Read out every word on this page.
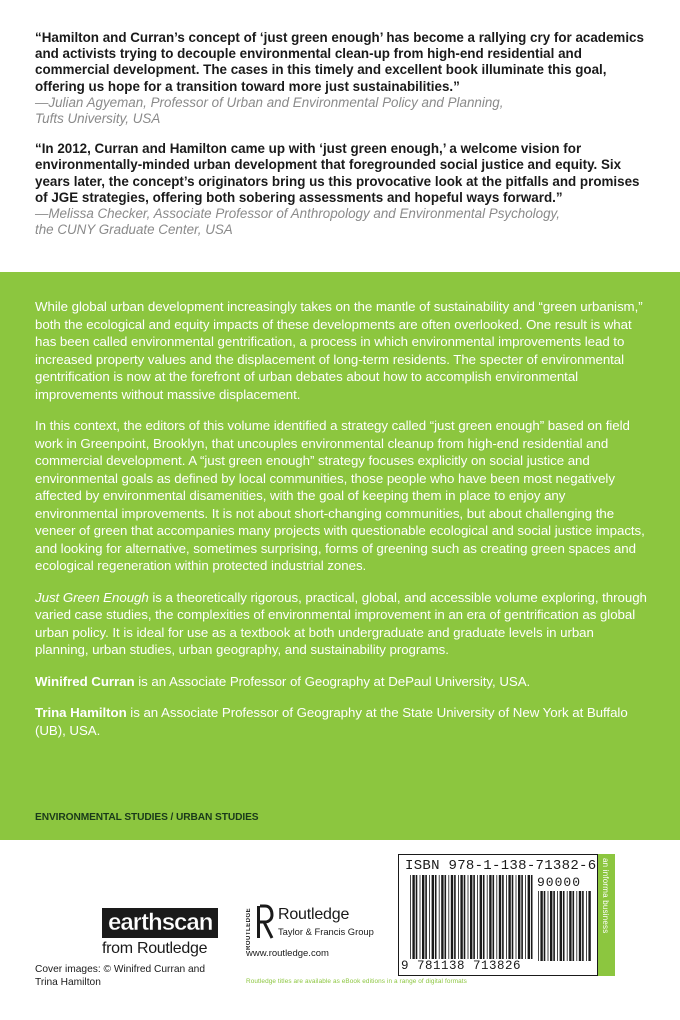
“Hamilton and Curran’s concept of ‘just green enough’ has become a rallying cry for academics and activists trying to decouple environmental clean-up from high-end residential and commercial development. The cases in this timely and excellent book illuminate this goal, offering us hope for a transition toward more just sustainabilities.”
—Julian Agyeman, Professor of Urban and Environmental Policy and Planning,
Tufts University, USA
“In 2012, Curran and Hamilton came up with ‘just green enough,’ a welcome vision for environmentally-minded urban development that foregrounded social justice and equity. Six years later, the concept’s originators bring us this provocative look at the pitfalls and promises of JGE strategies, offering both sobering assessments and hopeful ways forward.”
—Melissa Checker, Associate Professor of Anthropology and Environmental Psychology,
the CUNY Graduate Center, USA

While global urban development increasingly takes on the mantle of sustainability and “green urbanism,” both the ecological and equity impacts of these developments are often overlooked. One result is what has been called environmental gentrification, a process in which environmental improvements lead to increased property values and the displacement of long-term residents. The specter of environmental gentrification is now at the forefront of urban debates about how to accomplish environmental improvements without massive displacement.

In this context, the editors of this volume identified a strategy called “just green enough” based on field work in Greenpoint, Brooklyn, that uncouples environmental cleanup from high-end residential and commercial development. A “just green enough” strategy focuses explicitly on social justice and environmental goals as defined by local communities, those people who have been most negatively affected by environmental disamenities, with the goal of keeping them in place to enjoy any environmental improvements. It is not about short-changing communities, but about challenging the veneer of green that accompanies many projects with questionable ecological and social justice impacts, and looking for alternative, sometimes surprising, forms of greening such as creating green spaces and ecological regeneration within protected industrial zones.

Just Green Enough is a theoretically rigorous, practical, global, and accessible volume exploring, through varied case studies, the complexities of environmental improvement in an era of gentrification as global urban policy. It is ideal for use as a textbook at both undergraduate and graduate levels in urban planning, urban studies, urban geography, and sustainability programs.

Winifred Curran is an Associate Professor of Geography at DePaul University, USA.

Trina Hamilton is an Associate Professor of Geography at the State University of New York at Buffalo (UB), USA.

ENVIRONMENTAL STUDIES / URBAN STUDIES
earthscan
from Routledge	ROUTLEDGE Routledge
Taylor & Francis Group
www.routledge.com
ISBN 978-1-138-71382-6
90000
9 781138 713826
an informa business
Cover images: © Winifred Curran and Trina Hamilton	Routledge titles are available as eBook editions in a range of digital formats
